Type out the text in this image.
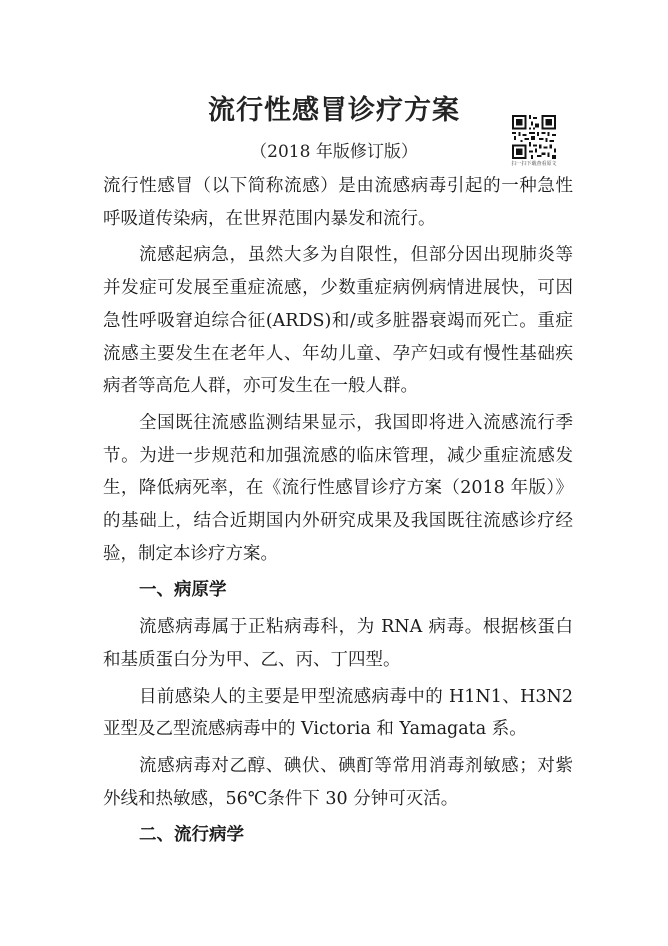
流行性感冒诊疗方案
（2018 年版修订版）
扫一扫下载查看原文

流行性感冒（以下简称流感）是由流感病毒引起的一种急性呼吸道传染病，在世界范围内暴发和流行。

流感起病急，虽然大多为自限性，但部分因出现肺炎等并发症可发展至重症流感，少数重症病例病情进展快，可因急性呼吸窘迫综合征(ARDS)和/或多脏器衰竭而死亡。重症流感主要发生在老年人、年幼儿童、孕产妇或有慢性基础疾病者等高危人群，亦可发生在一般人群。

全国既往流感监测结果显示，我国即将进入流感流行季节。为进一步规范和加强流感的临床管理，减少重症流感发生，降低病死率，在《流行性感冒诊疗方案（2018 年版）》的基础上，结合近期国内外研究成果及我国既往流感诊疗经验，制定本诊疗方案。

一、病原学

流感病毒属于正粘病毒科，为 RNA 病毒。根据核蛋白和基质蛋白分为甲、乙、丙、丁四型。

目前感染人的主要是甲型流感病毒中的 H1N1、H3N2 亚型及乙型流感病毒中的 Victoria 和 Yamagata 系。

流感病毒对乙醇、碘伏、碘酊等常用消毒剂敏感；对紫外线和热敏感，56℃条件下 30 分钟可灭活。

二、流行病学
